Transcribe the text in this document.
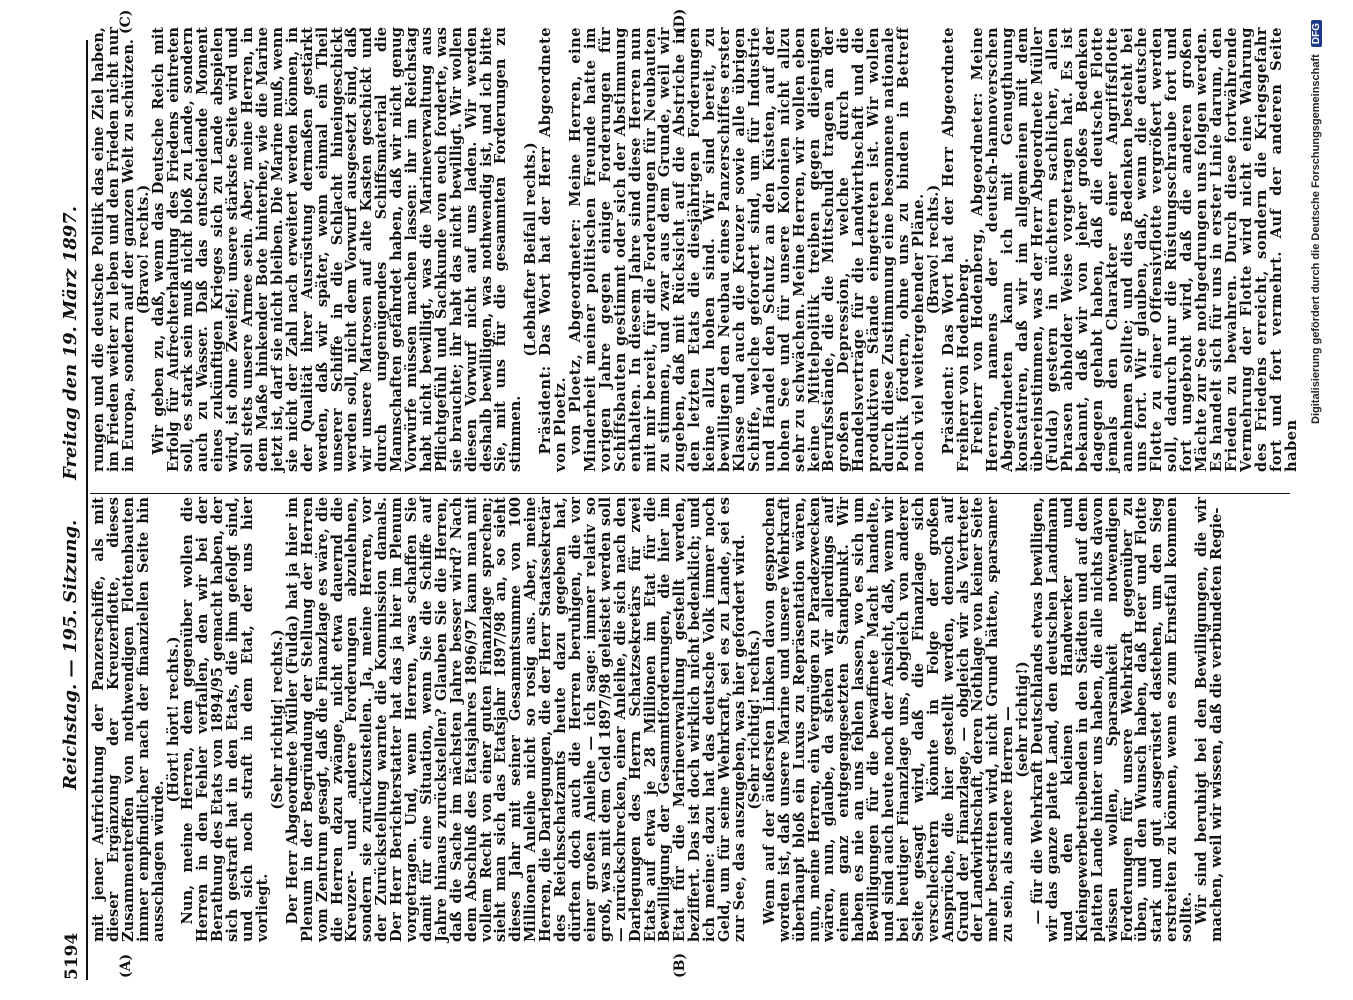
5194
Reichstag. — 195. Sitzung.
Freitag den 19. März 1897.
(A)	(B)
(C)	(D)

mit jener Aufrichtung der Panzerschiffe, als mit dieser Ergänzung der Kreuzerflotte, dieses Zusammentreffen von nothwendigen Flottenbauten immer empfindlicher nach der finanziellen Seite hin ausschlagen würde.

(Hört! hört! rechts.)

Nun, meine Herren, dem gegenüber wollen die Herren in den Fehler verfallen, den wir bei der Berathung des Etats von 1894/95 gemacht haben, der sich gestraft hat in den Etats, die ihm gefolgt sind, und sich noch straft in dem Etat, der uns hier vorliegt.

(Sehr richtig! rechts.)

Der Herr Abgeordnete Müller (Fulda) hat ja hier im Plenum in der Begründung der Stellung der Herren vom Zentrum gesagt, daß die Finanzlage es wäre, die die Herren dazu zwänge, nicht etwa dauernd die Kreuzer- und andere Forderungen abzulehnen, sondern sie zurückzustellen. Ja, meine Herren, vor der Zurückstellung warnte die Kommission damals. Der Herr Berichterstatter hat das ja hier im Plenum vorgetragen. Und, wenn Herren, was schaffen Sie damit für eine Situation, wenn Sie die Schiffe auf Jahre hinaus zurückstellen? Glauben Sie die Herren, daß die Sache im nächsten Jahre besser wird? Nach dem Abschluß des Etatsjahres 1896/97 kann man mit vollem Recht von einer guten Finanzlage sprechen; sieht man sich das Etatsjahr 1897/98 an, so sieht dieses Jahr mit seiner Gesammtsumme von 100 Millionen Anleihe nicht so rosig aus. Aber, meine Herren, die Darlegungen, die der Herr Staatssekretär des Reichsschatzamts heute dazu gegeben hat, dürften doch auch die Herren beruhigen, die vor einer großen Anleihe — ich sage: immer relativ so groß, was mit dem Geld 1897/98 geleistet werden soll — zurückschrecken, einer Anleihe, die sich nach den Darlegungen des Herrn Schatzsekretärs für zwei Etats auf etwa je 28 Millionen im Etat für die Bewilligung der Gesammtforderungen, die hier im Etat für die Marineverwaltung gestellt werden, beziffert. Das ist doch wirklich nicht bedenklich; und ich meine: dazu hat das deutsche Volk immer noch Geld, um für seine Wehrkraft, sei es zu Lande, sei es zur See, das auszugeben, was hier gefordert wird.

(Sehr richtig! rechts.)

Wenn auf der äußersten Linken davon gesprochen worden ist, daß unsere Marine und unsere Wehrkraft überhaupt bloß ein Luxus zu Repräsentation wären, nun, meine Herren, ein Vergnügen zu Paradezwecken wären, nun, glaube, da stehen wir allerdings auf einem ganz entgegengesetzten Standpunkt. Wir haben es nie an uns fehlen lassen, wo es sich um Bewilligungen für die bewaffnete Macht handelte, und sind auch heute noch der Ansicht, daß, wenn wir bei heutiger Finanzlage uns, obgleich von anderer Seite gesagt wird, daß die Finanzlage sich verschlechtern könnte in Folge der großen Ansprüche, die hier gestellt werden, dennoch auf Grund der Finanzlage, — obgleich wir als Vertreter der Landwirthschaft, deren Nothlage von keiner Seite mehr bestritten wird, nicht Grund hätten, sparsamer zu sein, als andere Herren —

(sehr richtig!)

— für die Wehrkraft Deutschlands etwas bewilligen, wir das ganze platte Land, den deutschen Landmann und den kleinen Handwerker und Kleingewerbetreibenden in den Städten und auf dem platten Lande hinter uns haben, die alle nichts davon wissen wollen, Sparsamkeit notwendigen Forderungen für unsere Wehrkraft gegenüber zu üben, und den Wunsch haben, daß Heer und Flotte stark und gut ausgerüstet dastehen, um den Sieg erstreiten zu können, wenn es zum Ernstfall kommen sollte.

Wir sind beruhigt bei den Bewilligungen, die wir machen, weil wir wissen, daß die verbündeten Regie-

rungen und die deutsche Politik das eine Ziel haben, im Frieden weiter zu leben und den Frieden nicht nur in Europa, sondern auf der ganzen Welt zu schützen.

(Bravo! rechts.)

Wir geben zu, daß, wenn das Deutsche Reich mit Erfolg für Aufrechterhaltung des Friedens eintreten soll, es stark sein muß nicht bloß zu Lande, sondern auch zu Wasser. Daß das entscheidende Moment eines zukünftigen Krieges sich zu Lande abspielen wird, ist ohne Zweifel; unsere stärkste Seite wird und soll stets unsere Armee sein. Aber, meine Herren, in dem Maße hinkender Bote hinterher, wie die Marine jetzt ist, darf sie nicht bleiben. Die Marine muß, wenn sie nicht der Zahl nach erweitert werden können, in der Qualität ihrer Ausrüstung dermaßen gestärkt werden, daß wir später, wenn einmal ein Theil unserer Schiffe in die Schlacht hineingeschickt werden soll, nicht dem Vorwurf ausgesetzt sind, daß wir unsere Matrosen auf alte Kasten geschickt und durch ungenügendes Schiffsmaterial die Mannschaften gefährdet haben, daß wir nicht genug Vorwürfe müssen machen lassen: ihr im Reichstag habt nicht bewilligt, was die Marineverwaltung aus Pflichtgefühl und Sachkunde von euch forderte, was sie brauchte; ihr habt das nicht bewilligt. Wir wollen diesen Vorwurf nicht auf uns laden. Wir werden deshalb bewilligen, was nothwendig ist, und ich bitte Sie, mit uns für die gesammten Forderungen zu stimmen.

(Lebhafter Beifall rechts.)

Präsident: Das Wort hat der Herr Abgeordnete von Ploetz.

von Ploetz, Abgeordneter: Meine Herren, eine Minderheit meiner politischen Freunde hatte im vorigen Jahre gegen einige Forderungen für Schiffsbauten gestimmt oder sich der Abstimmung enthalten. In diesem Jahre sind diese Herren nun mit mir bereit, für die Forderungen für Neubauten zu stimmen, und zwar aus dem Grunde, weil wir zugeben, daß mit Rücksicht auf die Abstriche in den letzten Etats die diesjährigen Forderungen keine allzu hohen sind. Wir sind bereit, zu bewilligen den Neubau eines Panzerschiffes erster Klasse und auch die Kreuzer sowie alle übrigen Schiffe, welche gefordert sind, um für Industrie und Handel den Schutz an den Küsten, auf der hohen See und für unsere Kolonien nicht allzu sehr zu schwächen. Meine Herren, wir wollen eben keine Mittelpolitik treiben gegen diejenigen Berufsstände, die die Mittschuld tragen an der großen Depression, welche durch die Handelsverträge für die Landwirthschaft und die produktiven Stände eingetreten ist. Wir wollen durch diese Zustimmung eine besonnene nationale Politik fördern, ohne uns zu binden in Betreff noch viel weitergehender Pläne.

(Bravo! rechts.)

Präsident: Das Wort hat der Herr Abgeordnete Freiherr von Hodenberg.

Freiherr von Hodenberg, Abgeordneter: Meine Herren, namens der deutsch-hannoverschen Abgeordneten kann ich mit Genugthuung konstatiren, daß wir im allgemeinen mit dem übereinstimmen, was der Herr Abgeordnete Müller (Fulda) gestern in nüchtern sachlicher, allen Phrasen abholder Weise vorgetragen hat. Es ist bekannt, daß wir von jeher großes Bedenken dagegen gehabt haben, daß die deutsche Flotte jemals den Charakter einer Angriffsflotte annehmen sollte; und dies Bedenken besteht bei uns fort. Wir glauben, daß, wenn die deutsche Flotte zu einer Offensivflotte vergrößert werden soll, dadurch nur die Rüstungsschraube fort und fort ungebroht wird, daß die anderen großen Mächte zur See nothgedrungen uns folgen werden. Es handelt sich für uns in erster Linie darum, den Frieden zu bewahren. Durch diese fortwährende Vermehrung der Flotte wird nicht eine Wahrung des Friedens erreicht, sondern die Kriegsgefahr fort und fort vermehrt. Auf der anderen Seite haben

Digitalisierung gefördert durch die Deutsche Forschungsgemeinschaft DFG
